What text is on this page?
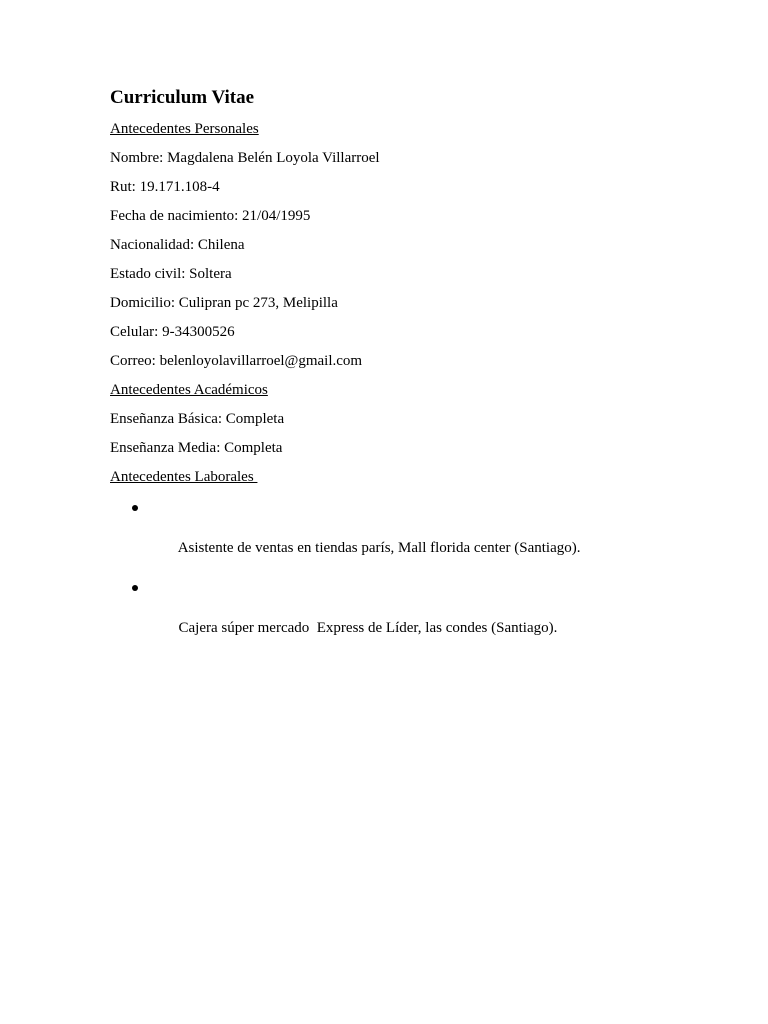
Curriculum Vitae

Antecedentes Personales

Nombre: Magdalena Belén Loyola Villarroel

Rut: 19.171.108-4

Fecha de nacimiento: 21/04/1995

Nacionalidad: Chilena

Estado civil: Soltera

Domicilio: Culipran pc 273, Melipilla

Celular: 9-34300526

Correo: belenloyolavillarroel@gmail.com

Antecedentes Académicos

Enseñanza Básica: Completa

Enseñanza Media: Completa

Antecedentes Laborales

Asistente de ventas en tiendas parís, Mall florida center (Santiago).

Cajera súper mercado  Express de Líder, las condes (Santiago).
